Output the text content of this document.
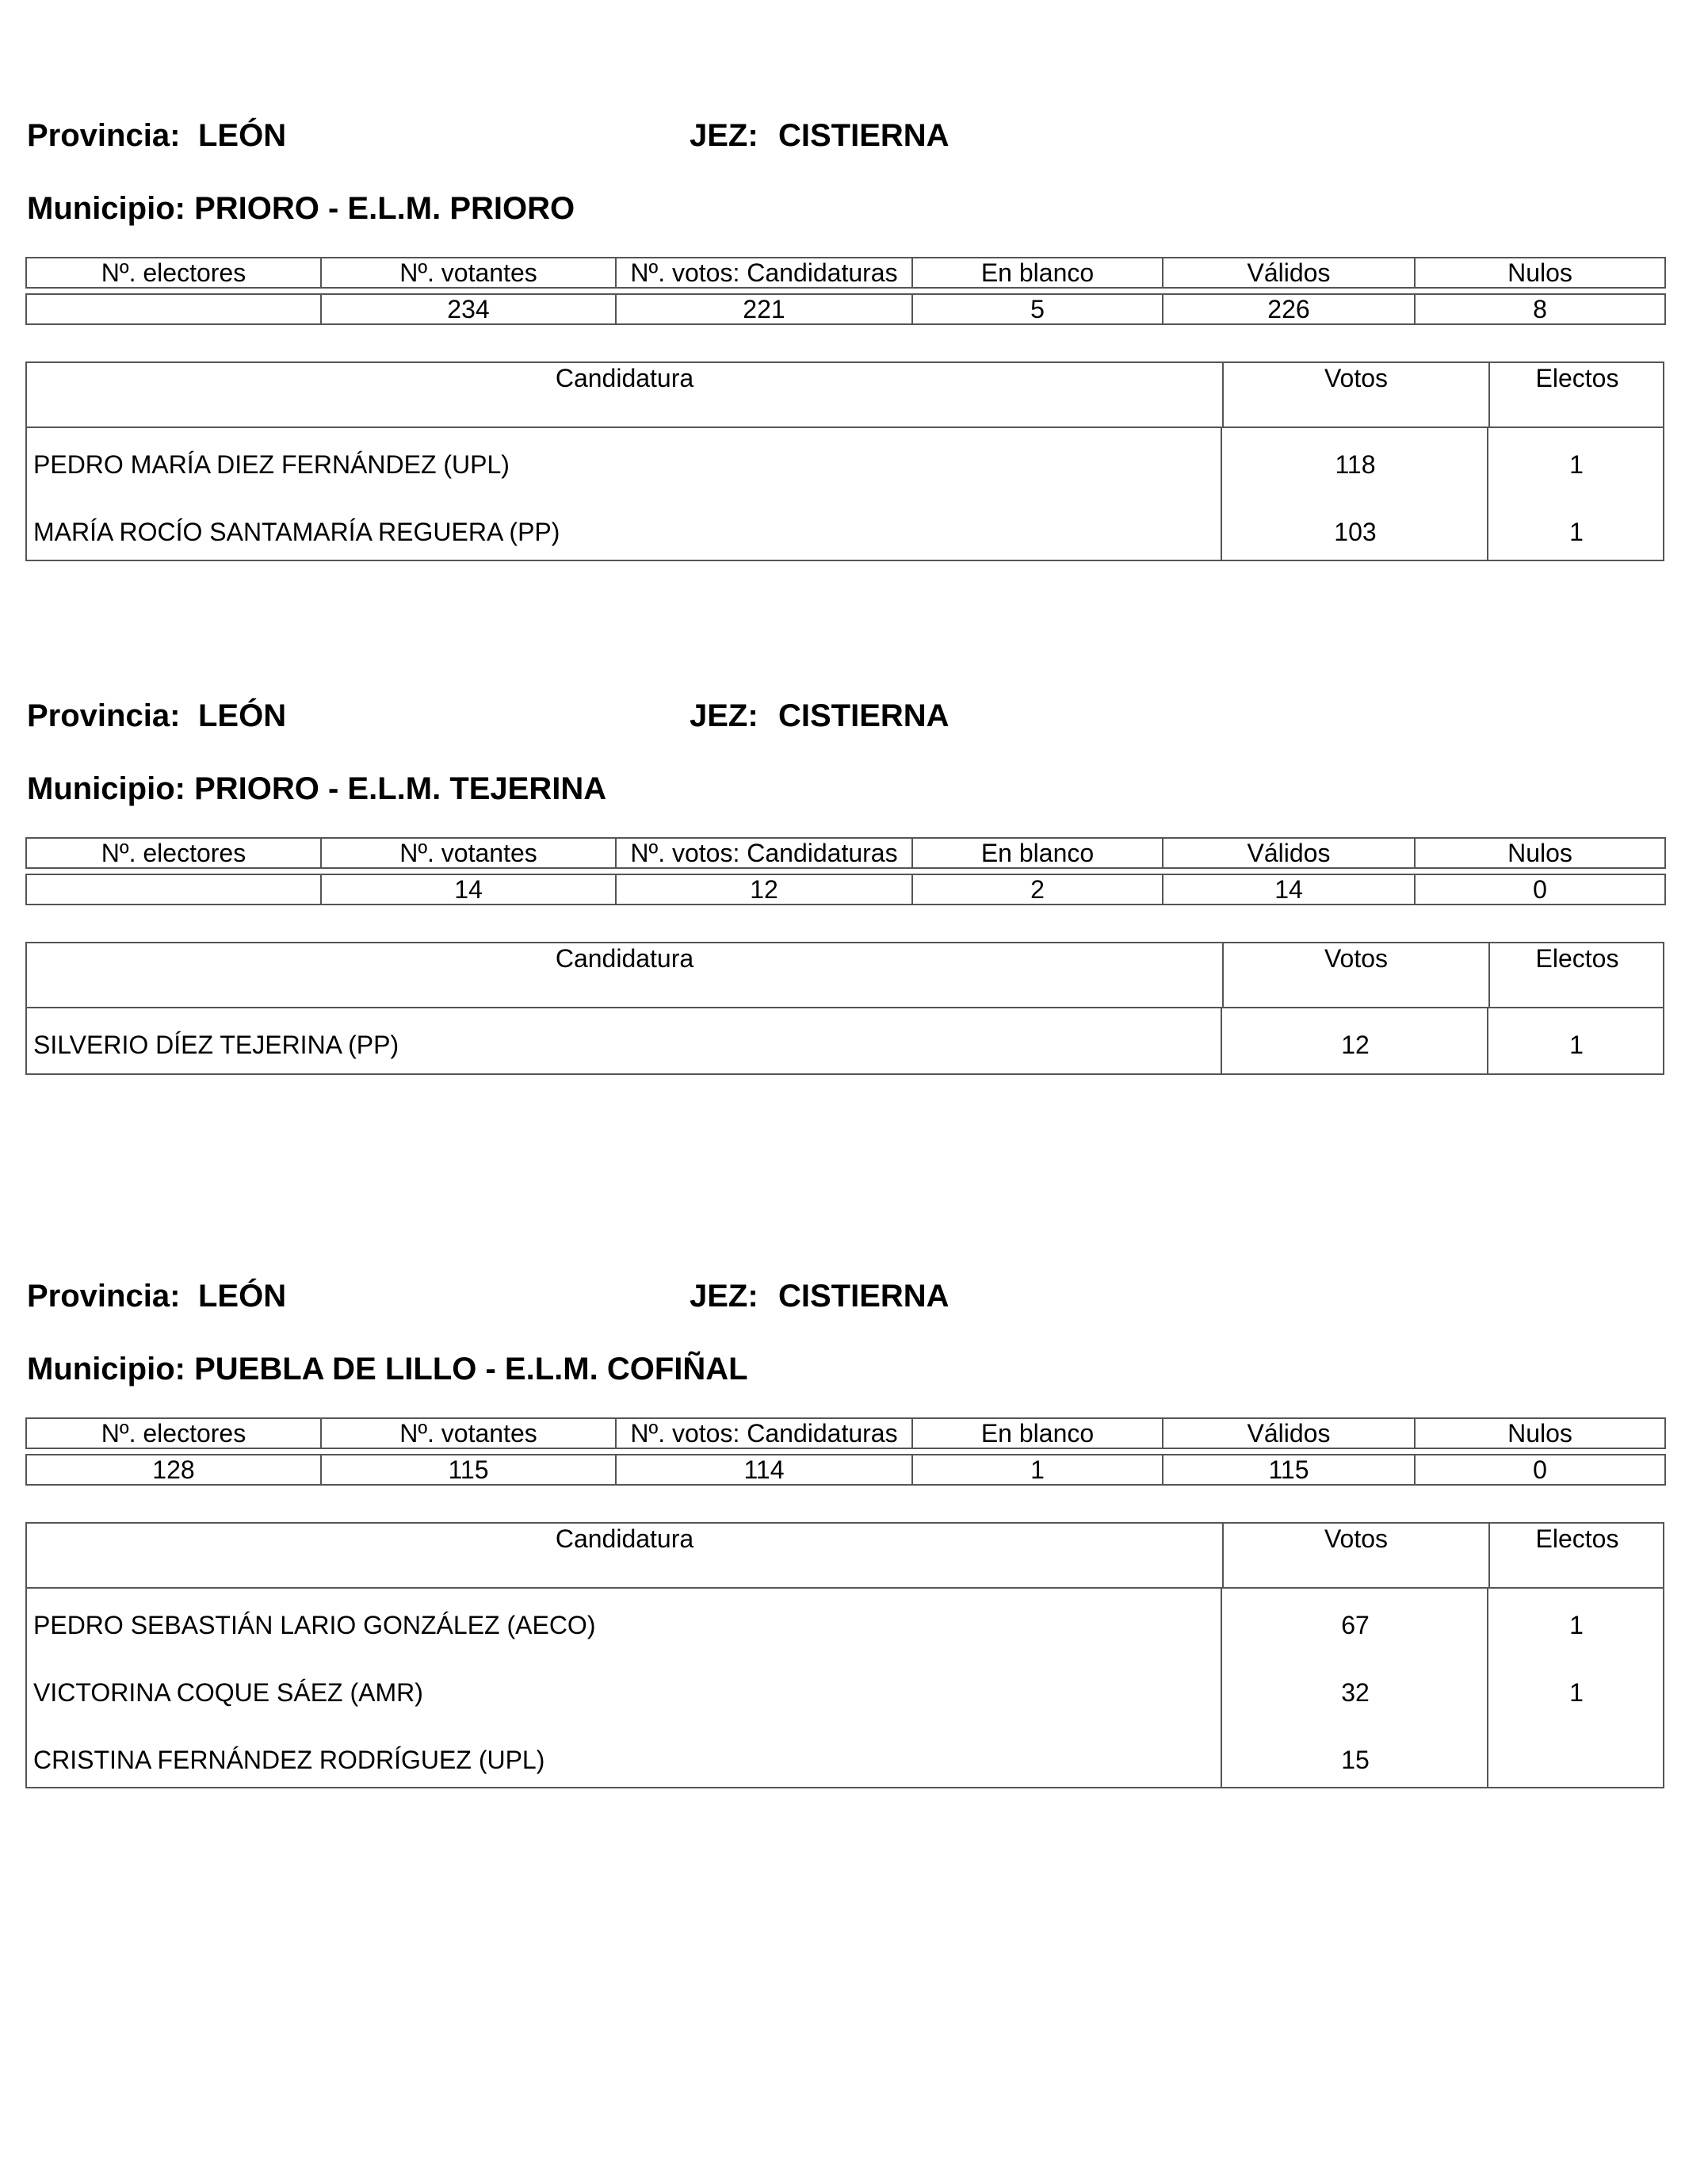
Provincia: LEÓN	JEZ: CISTIERNA
Municipio: PRIORO - E.L.M. PRIORO
Nº. electores	Nº. votantes	Nº. votos: Candidaturas	En blanco	Válidos	Nulos

	234	221	5	226	8
Candidatura	Votos	Electos
PEDRO MARÍA DIEZ FERNÁNDEZ (UPL)	118	1
MARÍA ROCÍO SANTAMARÍA REGUERA (PP)	103	1
Provincia: LEÓN	JEZ: CISTIERNA
Municipio: PRIORO - E.L.M. TEJERINA
Nº. electores	Nº. votantes	Nº. votos: Candidaturas	En blanco	Válidos	Nulos

	14	12	2	14	0
Candidatura	Votos	Electos
SILVERIO DÍEZ TEJERINA (PP)	12	1
Provincia: LEÓN	JEZ: CISTIERNA
Municipio: PUEBLA DE LILLO - E.L.M. COFIÑAL
Nº. electores	Nº. votantes	Nº. votos: Candidaturas	En blanco	Válidos	Nulos

128	115	114	1	115	0
Candidatura	Votos	Electos
PEDRO SEBASTIÁN LARIO GONZÁLEZ (AECO)	67	1
VICTORINA COQUE SÁEZ (AMR)	32	1
CRISTINA FERNÁNDEZ RODRÍGUEZ (UPL)	15
